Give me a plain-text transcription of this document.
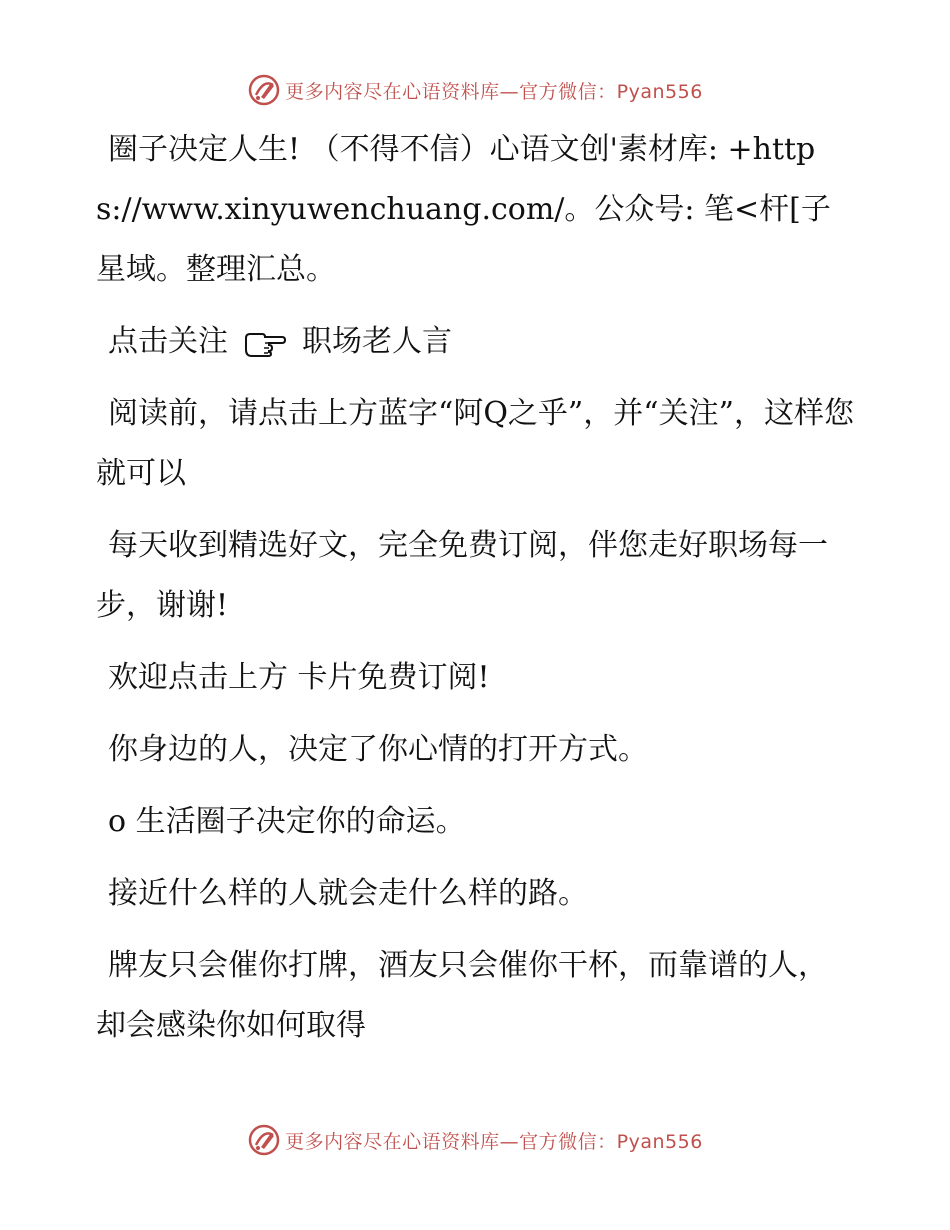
更多内容尽在心语资料库—官方微信：Pyan556

圈子决定人生! （不得不信）心语文创'素材库: +https://www.xinyuwenchuang.com/。公众号: 笔<杆[子星域。整理汇总。

点击关注 职场老人言

阅读前，请点击上方蓝字“阿Q之乎”，并“关注”，这样您就可以

每天收到精选好文，完全免费订阅，伴您走好职场每一步，谢谢!

欢迎点击上方 卡片免费订阅!

你身边的人，决定了你心情的打开方式。

o 生活圈子决定你的命运。

接近什么样的人就会走什么样的路。

牌友只会催你打牌，酒友只会催你干杯，而靠谱的人，却会感染你如何取得

更多内容尽在心语资料库—官方微信：Pyan556
